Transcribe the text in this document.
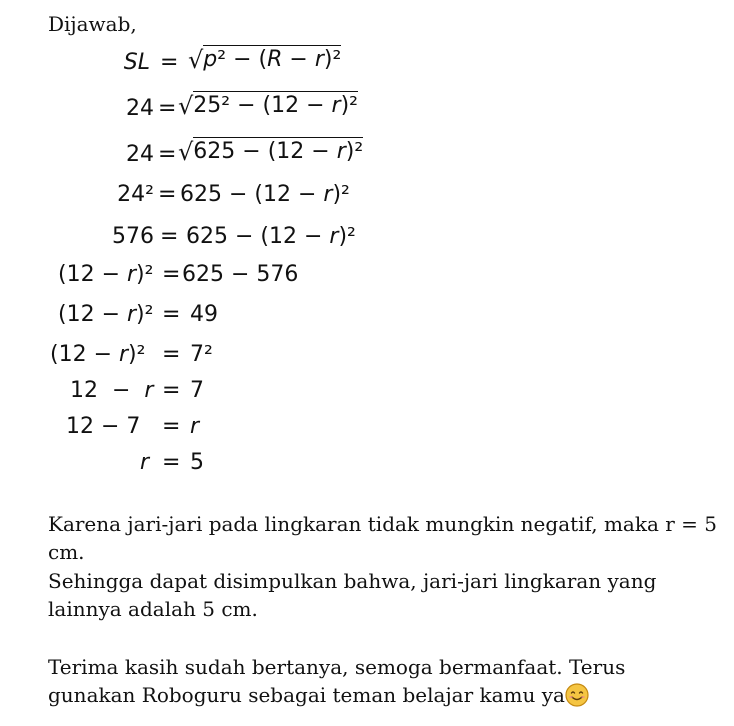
Dijawab,
SL = √p² − (R − r)²
24 = √25² − (12 − r)²
24 = √625 − (12 − r)²
24² = 625 − (12 − r)²
576 = 625 − (12 − r)²
(12 − r)² = 625 − 576
(12 − r)² = 49
(12 − r)² = 7²
12  −  r = 7
12 − 7 = r
r = 5
Karena jari-jari pada lingkaran tidak mungkin negatif, maka r = 5 cm.
Sehingga dapat disimpulkan bahwa, jari-jari lingkaran yang lainnya adalah 5 cm.
Terima kasih sudah bertanya, semoga bermanfaat. Terus gunakan Roboguru sebagai teman belajar kamu ya
